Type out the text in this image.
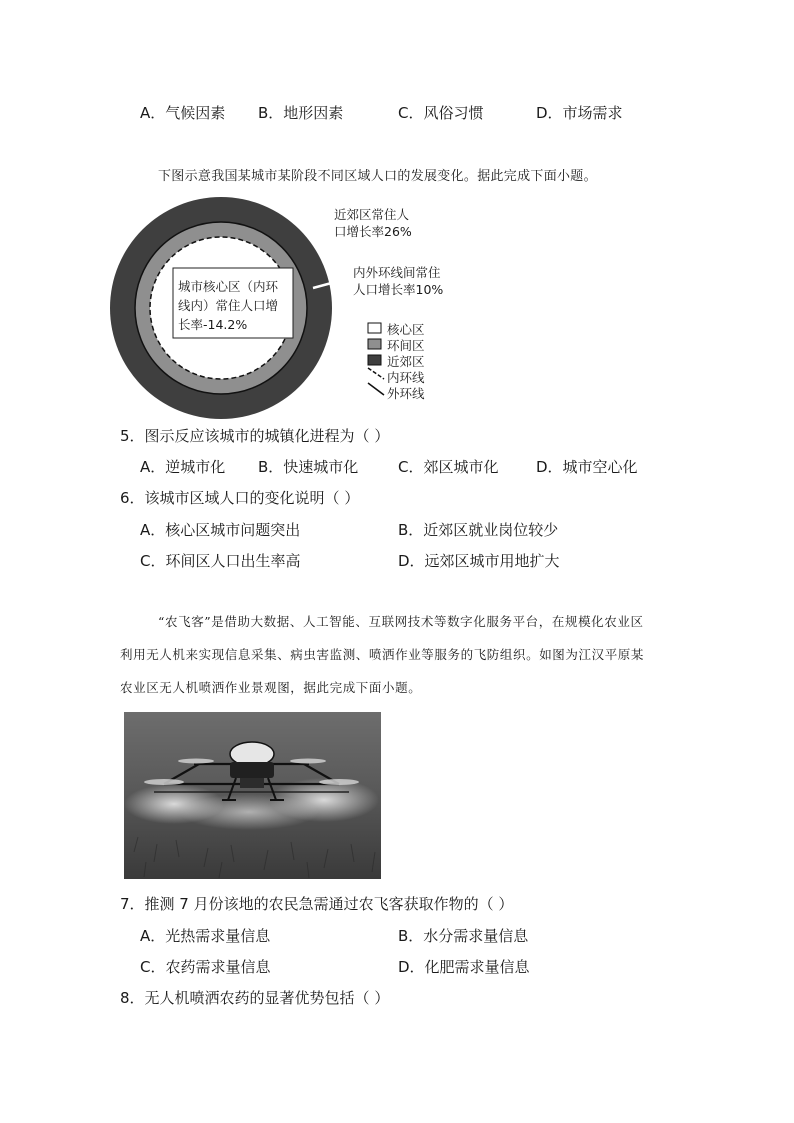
A．气候因素 B．地形因素	C．风俗习惯	D．市场需求
下图示意我国某城市某阶段不同区域人口的发展变化。据此完成下面小题。
城市核心区（内环
线内）常住人口增
长率-14.2%
近郊区常住人
口增长率26%
内外环线间常住
人口增长率10%
核心区
环间区
近郊区
内环线
外环线
5．图示反应该城市的城镇化进程为（ ）
A．逆城市化 B．快速城市化	C．郊区城市化	D．城市空心化
6．该城市区域人口的变化说明（ ）
A．核心区城市问题突出	B．近郊区就业岗位较少
C．环间区人口出生率高	D．远郊区城市用地扩大
“农飞客”是借助大数据、人工智能、互联网技术等数字化服务平台，在规模化农业区
利用无人机来实现信息采集、病虫害监测、喷洒作业等服务的飞防组织。如图为江汉平原某
农业区无人机喷洒作业景观图，据此完成下面小题。
7．推测 7 月份该地的农民急需通过农飞客获取作物的（ ）
A．光热需求量信息	B．水分需求量信息
C．农药需求量信息	D．化肥需求量信息
8．无人机喷洒农药的显著优势包括（ ）
